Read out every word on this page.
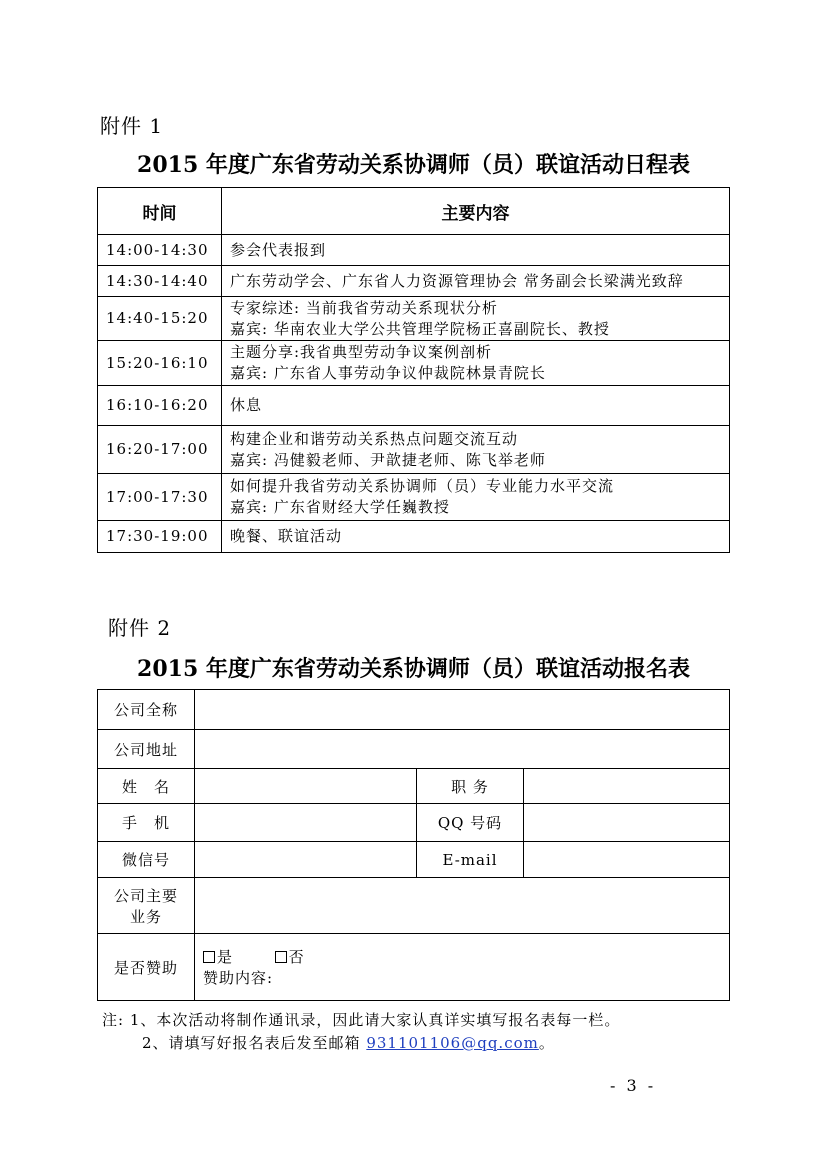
附件 1
2015 年度广东省劳动关系协调师（员）联谊活动日程表
时间	主要内容
14:00-14:30	参会代表报到

14:30-14:40	广东劳动学会、广东省人力资源管理协会 常务副会长梁满光致辞

14:40-15:20	专家综述: 当前我省劳动关系现状分析
嘉宾: 华南农业大学公共管理学院杨正喜副院长、教授

15:20-16:10	主题分享:我省典型劳动争议案例剖析
嘉宾: 广东省人事劳动争议仲裁院林景青院长

16:10-16:20	休息

16:20-17:00	构建企业和谐劳动关系热点问题交流互动
嘉宾: 冯健毅老师、尹歆捷老师、陈飞举老师

17:00-17:30	如何提升我省劳动关系协调师（员）专业能力水平交流
嘉宾: 广东省财经大学任巍教授

17:30-19:00	晚餐、联谊活动
附件 2
2015 年度广东省劳动关系协调师（员）联谊活动报名表
公司全称			
公司地址			
姓　名		职 务	
手　机		QQ 号码	
微信号		E-mail	

公司主要
业务			

是否赞助	是 否
赞助内容:		
注: 1、本次活动将制作通讯录，因此请大家认真详实填写报名表每一栏。
2、请填写好报名表后发至邮箱 931101106@qq.com。
- 3 -
